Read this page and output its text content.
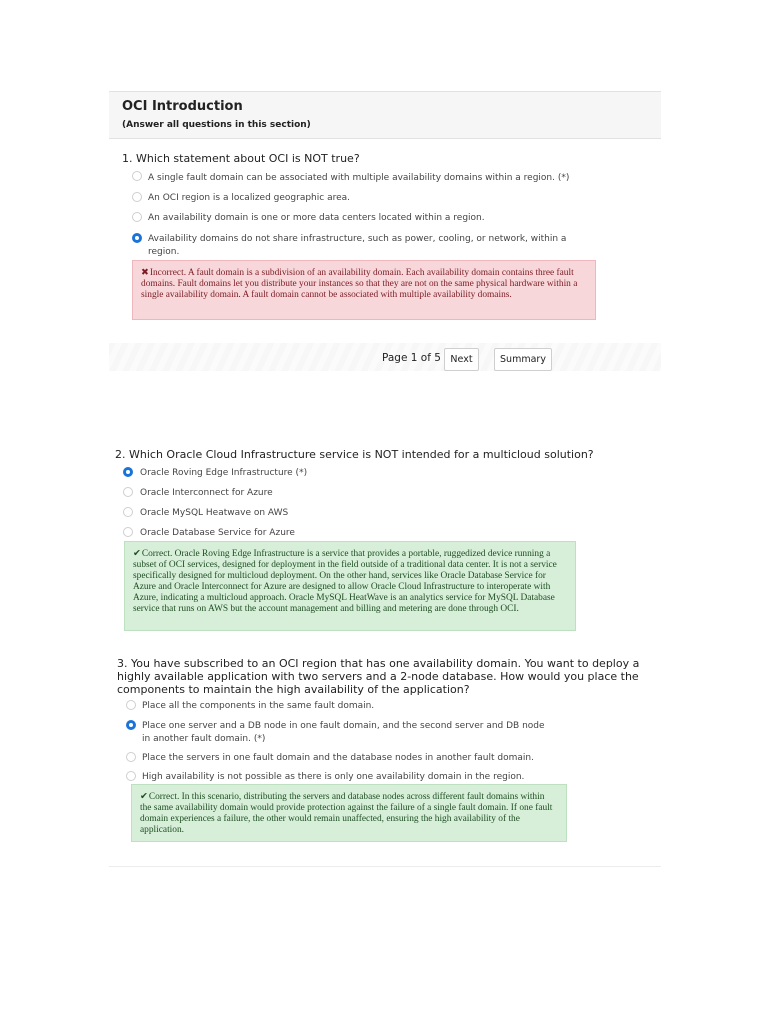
OCI Introduction
(Answer all questions in this section)
1. Which statement about OCI is NOT true?
A single fault domain can be associated with multiple availability domains within a region. (*)
An OCI region is a localized geographic area.
An availability domain is one or more data centers located within a region.
Availability domains do not share infrastructure, such as power, cooling, or network, within a region.
✖Incorrect. A fault domain is a subdivision of an availability domain. Each availability domain contains three fault domains. Fault domains let you distribute your instances so that they are not on the same physical hardware within a single availability domain. A fault domain cannot be associated with multiple availability domains.
Page 1 of 5	Next	Summary
2. Which Oracle Cloud Infrastructure service is NOT intended for a multicloud solution?
Oracle Roving Edge Infrastructure (*)
Oracle Interconnect for Azure
Oracle MySQL Heatwave on AWS
Oracle Database Service for Azure
✔Correct. Oracle Roving Edge Infrastructure is a service that provides a portable, ruggedized device running a subset of OCI services, designed for deployment in the field outside of a traditional data center. It is not a service specifically designed for multicloud deployment. On the other hand, services like Oracle Database Service for Azure and Oracle Interconnect for Azure are designed to allow Oracle Cloud Infrastructure to interoperate with Azure, indicating a multicloud approach. Oracle MySQL HeatWave is an analytics service for MySQL Database service that runs on AWS but the account management and billing and metering are done through OCI.
3. You have subscribed to an OCI region that has one availability domain. You want to deploy a highly available application with two servers and a 2-node database. How would you place the components to maintain the high availability of the application?
Place all the components in the same fault domain.
Place one server and a DB node in one fault domain, and the second server and DB node in another fault domain. (*)
Place the servers in one fault domain and the database nodes in another fault domain.
High availability is not possible as there is only one availability domain in the region.
✔Correct. In this scenario, distributing the servers and database nodes across different fault domains within the same availability domain would provide protection against the failure of a single fault domain. If one fault domain experiences a failure, the other would remain unaffected, ensuring the high availability of the application.
